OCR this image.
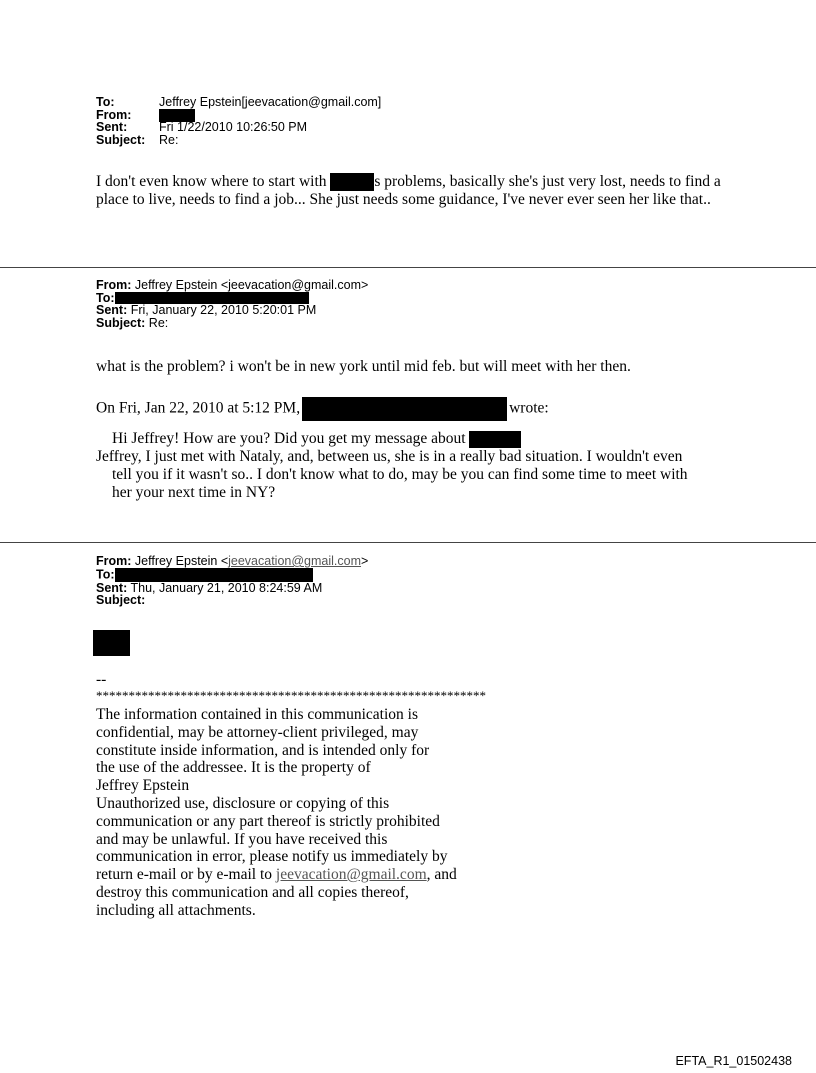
To:	Jeffrey Epstein[jeevacation@gmail.com]
From:
Sent:	Fri 1/22/2010 10:26:50 PM
Subject:	Re:
I don't even know where to start with	s problems, basically she's just very lost, needs to find a place to live, needs to find a job... She just needs some guidance, I've never ever seen her like that..
From: Jeffrey Epstein <jeevacation@gmail.com>
To:
Sent: Fri, January 22, 2010 5:20:01 PM
Subject: Re:
what is the problem? i won't be in new york until mid feb. but will meet with her then.
On Fri, Jan 22, 2010 at 5:12 PM,	wrote:
Hi Jeffrey! How are you? Did you get my message about
Jeffrey, I just met with Nataly, and, between us, she is in a really bad situation. I wouldn't even
tell you if it wasn't so.. I don't know what to do, may be you can find some time to meet with
her your next time in NY?
From: Jeffrey Epstein <jeevacation@gmail.com>
To:
Sent: Thu, January 21, 2010 8:24:59 AM
Subject:
--
************************************************************
The information contained in this communication is
confidential, may be attorney-client privileged, may
constitute inside information, and is intended only for
the use of the addressee. It is the property of
Jeffrey Epstein
Unauthorized use, disclosure or copying of this
communication or any part thereof is strictly prohibited
and may be unlawful. If you have received this
communication in error, please notify us immediately by
return e-mail or by e-mail to jeevacation@gmail.com, and
destroy this communication and all copies thereof,
including all attachments.
EFTA_R1_01502438
